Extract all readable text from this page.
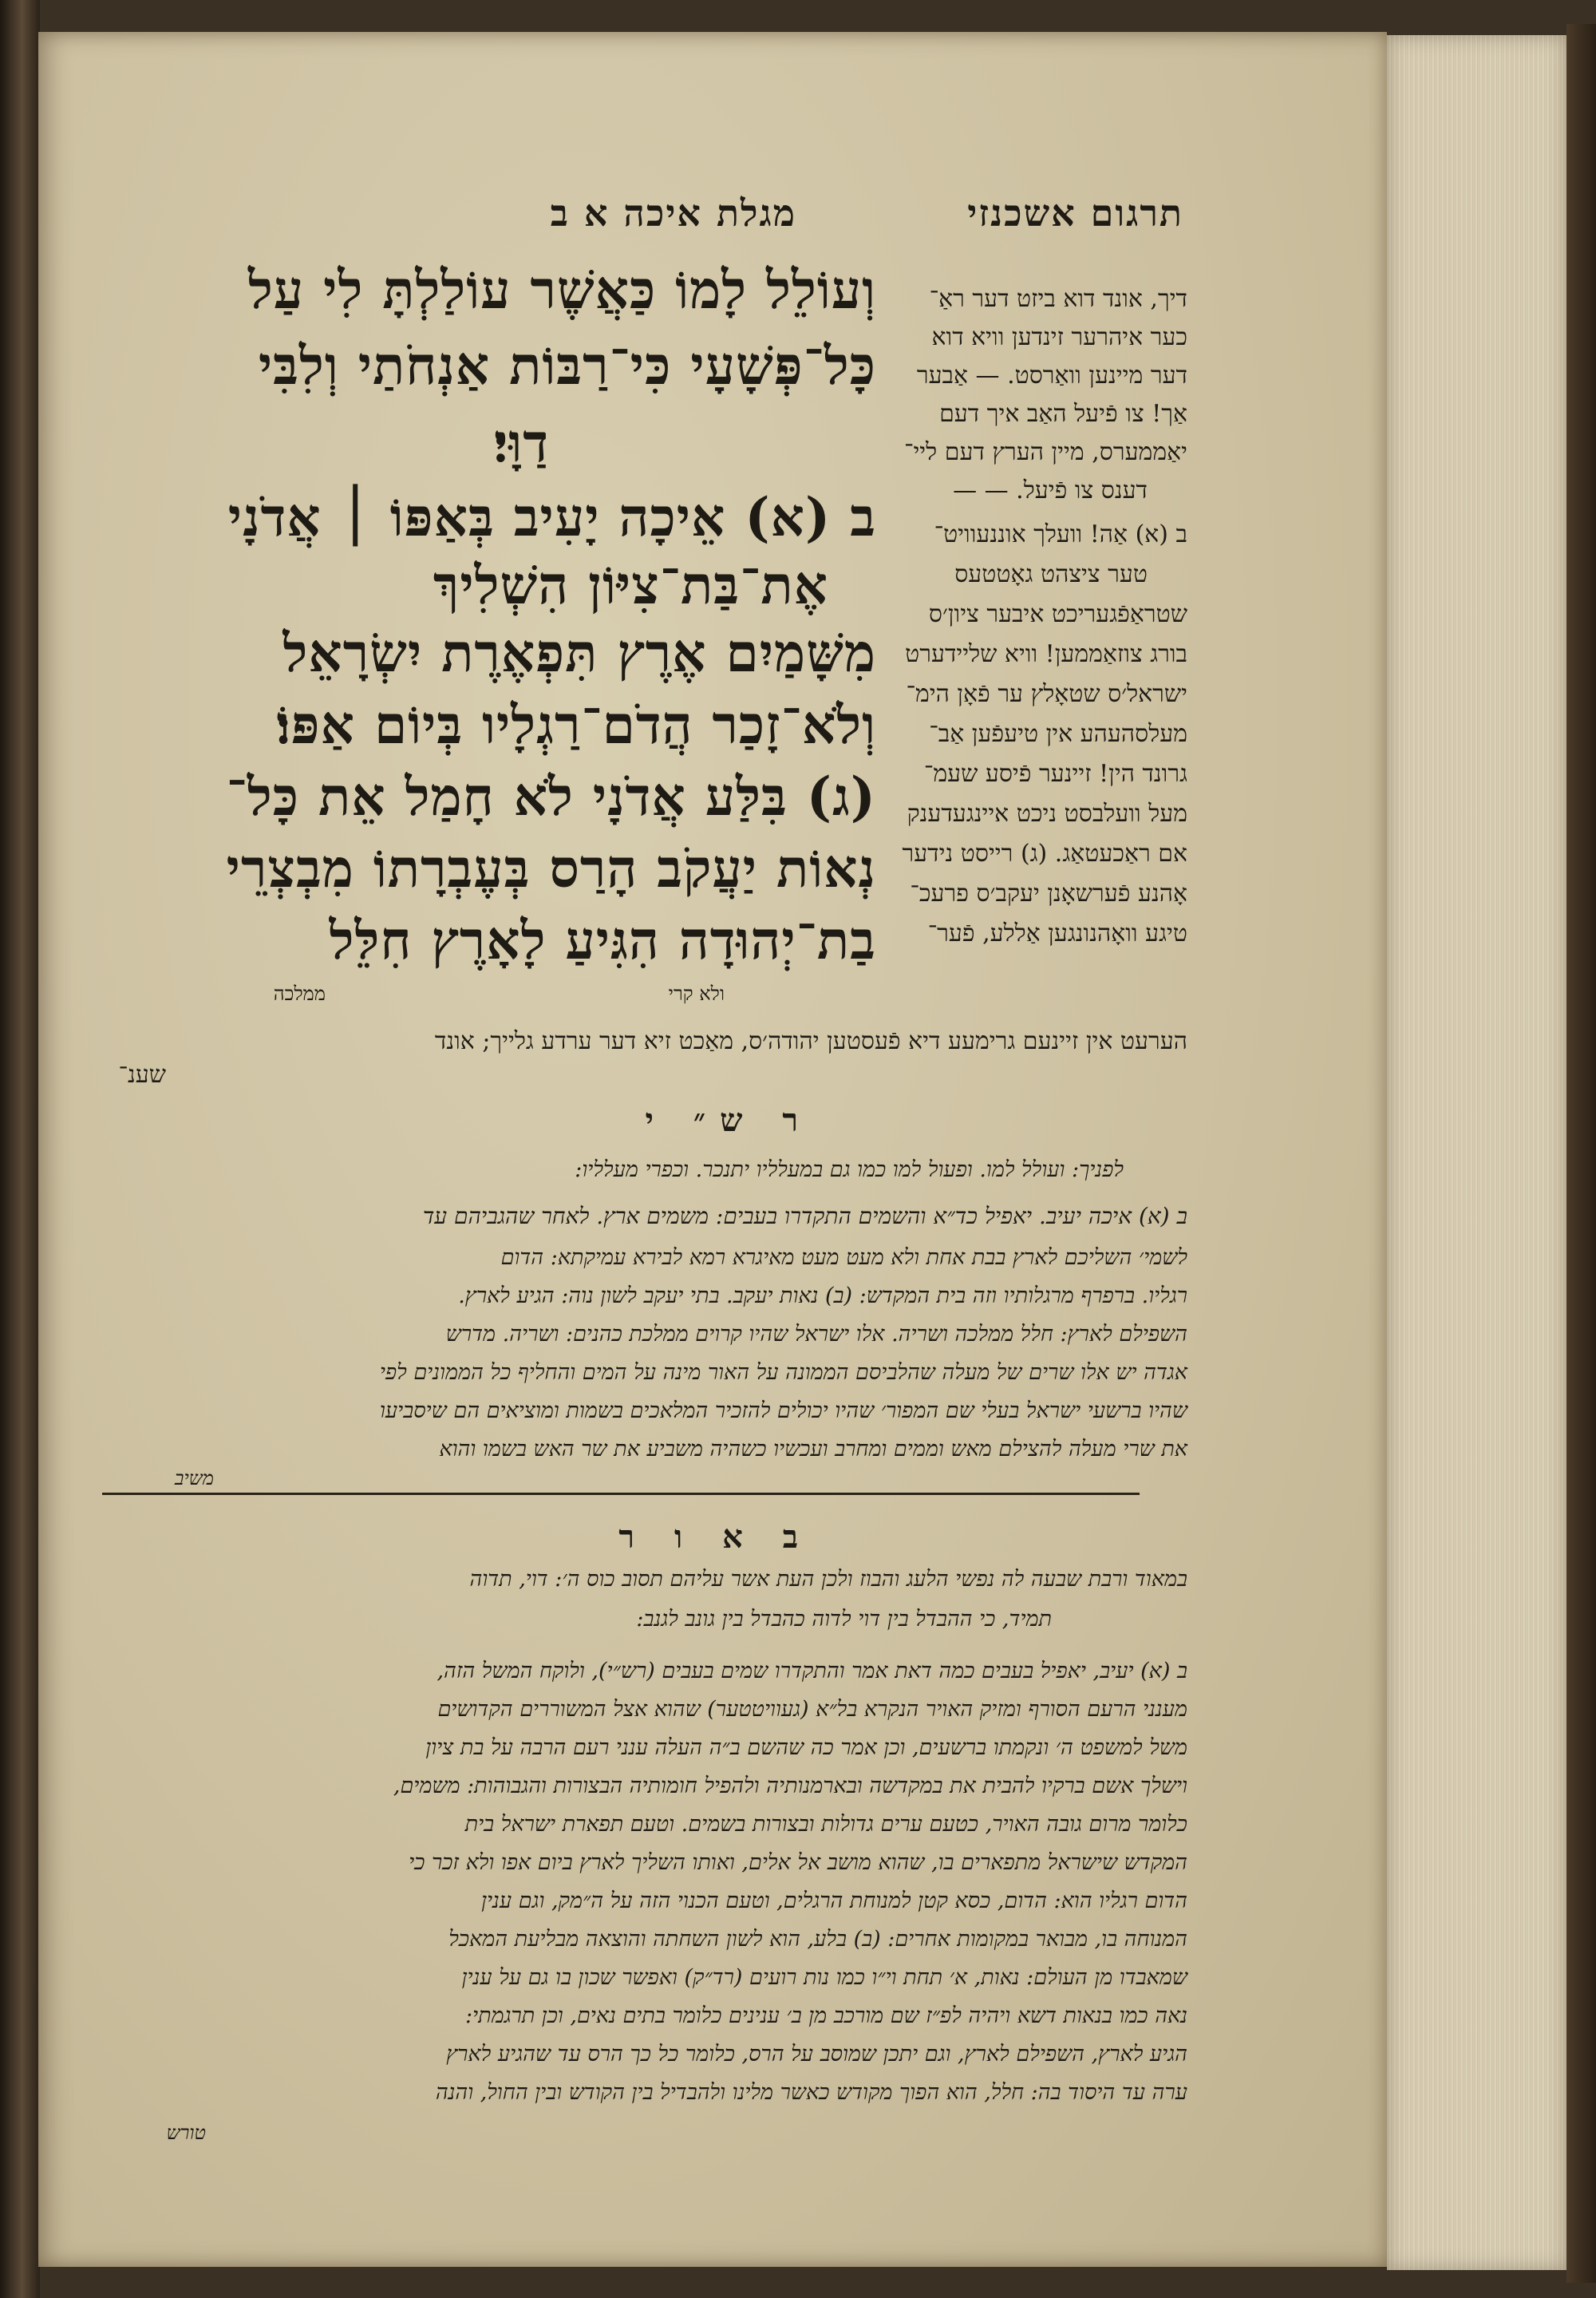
תרגום אשכנזי
מגלת איכה א ב
וְעוֹלֵל לָמוֹ כַּאֲשֶׁר עוֹלַלְתָּ לִי עַל
כָּל־פְּשָׁעָי כִּי־רַבּוֹת אַנְחֹתַי וְלִבִּי
דַוָּי׃
ב (א) אֵיכָה יָעִיב בְּאַפּוֹ ׀ אֲדֹנָי
אֶת־בַּת־צִיּוֹן הִשְׁלִיךְ
מִשָּׁמַיִם אֶרֶץ תִּפְאֶרֶת יִשְׂרָאֵל
וְלֹא־זָכַר הֲדֹם־רַגְלָיו בְּיוֹם אַפּוֹ׃
(ג) בִּלַּע אֲדֹנָי לֹא חָמַל אֵת כָּל־
נְאוֹת יַעֲקֹב הָרַס בְּעֶבְרָתוֹ מִבְצְרֵי
בַת־יְהוּדָה הִגִּיעַ לָאָרֶץ חִלֵּל
ולא קרי
ממלכה
דיך, אונד דוא ביזט דער ראַ־
כער איהרער זינדען וויא דוא
דער מיינען וואַרסט. — אַבער
אַך! צו פֿיעל האַב איך דעם
יאַממערס, מיין הערץ דעם ליי־
דענס צו פֿיעל. — —
ב (א) אַה! וועלך אוננעוויט־
טער ציצהט גאָטטעס
שטראַפֿגעריכט איבער ציון׳ס
בורג צוזאַממען! וויא שליידערט
ישראל׳ס שטאָלץ ער פֿאָן הימ־
מעלסהעהע אין טיעפֿען אַב־
גרונד הין! זיינער פֿיסע שעמ־
מעל וועלבסט ניכט איינגעדענק
אם ראַכעטאַג. (ג) רייסט נידער
אָהנע פֿערשאָנן יעקב׳ס פרעכ־
טיגע וואָהנונגען אַללע, פֿער־
הערעט אין זיינעם גרימעע דיא פֿעסטען יהודה׳ס, מאַכט זיא דער ערדע גלייך; אונד
שענ־
ר ש״ י
לפניך: ועולל למו. ופעול למו כמו גם במעלליו יתנכר. וכפרי מעלליו:
ב (א) איכה יעיב. יאפיל כד״א והשמים התקדרו בעבים: משמים ארץ. לאחר שהגביהם עד
לשמי׳ השליכם לארץ בבת אחת ולא מעט מעט מאיגרא רמא לבירא עמיקתא: הדום
רגליו. ברפרף מרגלותיו וזה בית המקדש: (ב) נאות יעקב. בתי יעקב לשון נוה: הגיע לארץ.
השפילם לארץ: חלל ממלכה ושריה. אלו ישראל שהיו קרוים ממלכת כהנים: ושריה. מדרש
אגדה יש אלו שרים של מעלה שהלביסם הממונה על האור מינה על המים והחליף כל הממונים לפי
שהיו ברשעי ישראל בעלי שם המפור׳ שהיו יכולים להזכיר המלאכים בשמות ומוציאים הם שיסביעו
את שרי מעלה להצילם מאש וממים ומחרב ועכשיו כשהיה משביע את שר האש בשמו והוא
משיב
ב א ו ר
במאוד ורבת שבעה לה נפשי הלעג והבוז ולכן העת אשר עליהם תסוב כוס ה׳: דוי, תדוה
תמיד, כי ההבדל בין דוי לדוה כהבדל בין גונב לגנב:
ב (א) יעיב, יאפיל בעבים כמה דאת אמר והתקדרו שמים בעבים (רש״י), ולוקח המשל הזה,
מענני הרעם הסורף ומזיק האויר הנקרא בל״א (געוויטטער) שהוא אצל המשוררים הקדושים
משל למשפט ה׳ ונקמתו ברשעים, וכן אמר כה שהשם ב״ה העלה ענני רעם הרבה על בת ציון
וישלך אשם ברקיו להבית את במקדשה ובארמנותיה ולהפיל חומותיה הבצורות והגבוהות: משמים,
כלומר מרום גובה האויר, כטעם ערים גדולות ובצורות בשמים. וטעם תפארת ישראל בית
המקדש שישראל מתפארים בו, שהוא מושב אל אלים, ואותו השליך לארץ ביום אפו ולא זכר כי
הדום רגליו הוא: הדום, כסא קטן למנוחת הרגלים, וטעם הכנוי הזה על ה״מק, וגם ענין
המנוחה בו, מבואר במקומות אחרים: (ב) בלע, הוא לשון השחתה והוצאה מבליעת המאכל
שמאבדו מן העולם: נאות, א׳ תחת וי״ו כמו נות רועים (רד״ק) ואפשר שכון בו גם על ענין
נאה כמו בנאות דשא ויהיה לפ״ז שם מורכב מן ב׳ ענינים כלומר בתים נאים, וכן תרגמתי:
הגיע לארץ, השפילם לארץ, וגם יתכן שמוסב על הרס, כלומר כל כך הרס עד שהגיע לארץ
ערה עד היסוד בה: חלל, הוא הפוך מקודש כאשר מלינו ולהבדיל בין הקודש ובין החול, והנה
טורש
